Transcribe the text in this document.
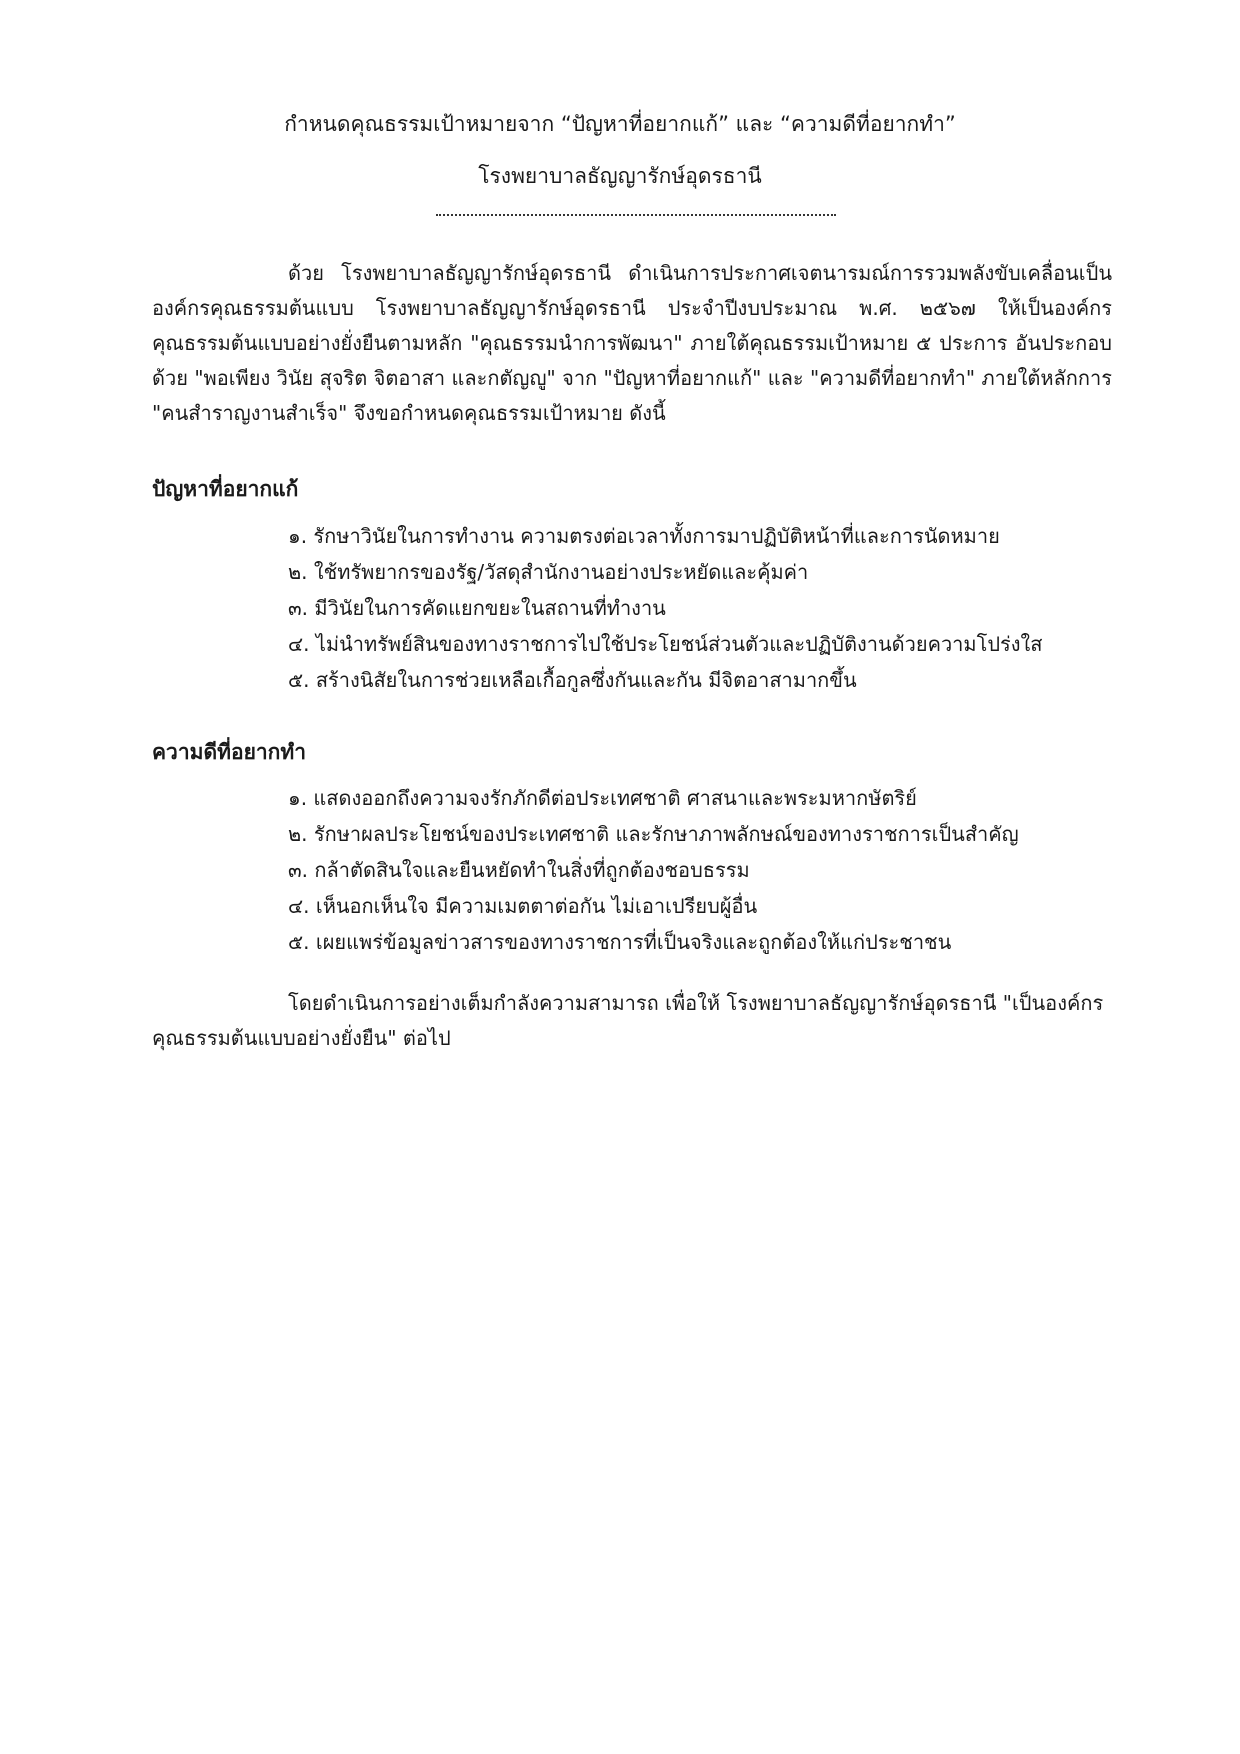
กำหนดคุณธรรมเป้าหมายจาก “ปัญหาที่อยากแก้” และ “ความดีที่อยากทำ”
โรงพยาบาลธัญญารักษ์อุดรธานี

ด้วย โรงพยาบาลธัญญารักษ์อุดรธานี ดำเนินการประกาศเจตนารมณ์การรวมพลังขับเคลื่อนเป็นองค์กรคุณธรรมต้นแบบ โรงพยาบาลธัญญารักษ์อุดรธานี ประจำปีงบประมาณ พ.ศ. ๒๕๖๗ ให้เป็นองค์กรคุณธรรมต้นแบบอย่างยั่งยืนตามหลัก "คุณธรรมนำการพัฒนา" ภายใต้คุณธรรมเป้าหมาย ๕ ประการ อันประกอบด้วย "พอเพียง วินัย สุจริต จิตอาสา และกตัญญู" จาก "ปัญหาที่อยากแก้" และ "ความดีที่อยากทำ" ภายใต้หลักการ "คนสำราญงานสำเร็จ" จึงขอกำหนดคุณธรรมเป้าหมาย ดังนี้

ปัญหาที่อยากแก้
๑. รักษาวินัยในการทำงาน ความตรงต่อเวลาทั้งการมาปฏิบัติหน้าที่และการนัดหมาย
๒. ใช้ทรัพยากรของรัฐ/วัสดุสำนักงานอย่างประหยัดและคุ้มค่า
๓. มีวินัยในการคัดแยกขยะในสถานที่ทำงาน
๔. ไม่นำทรัพย์สินของทางราชการไปใช้ประโยชน์ส่วนตัวและปฏิบัติงานด้วยความโปร่งใส
๕. สร้างนิสัยในการช่วยเหลือเกื้อกูลซึ่งกันและกัน มีจิตอาสามากขึ้น
ความดีที่อยากทำ
๑. แสดงออกถึงความจงรักภักดีต่อประเทศชาติ ศาสนาและพระมหากษัตริย์
๒. รักษาผลประโยชน์ของประเทศชาติ และรักษาภาพลักษณ์ของทางราชการเป็นสำคัญ
๓. กล้าตัดสินใจและยืนหยัดทำในสิ่งที่ถูกต้องชอบธรรม
๔. เห็นอกเห็นใจ มีความเมตตาต่อกัน ไม่เอาเปรียบผู้อื่น
๕. เผยแพร่ข้อมูลข่าวสารของทางราชการที่เป็นจริงและถูกต้องให้แก่ประชาชน

โดยดำเนินการอย่างเต็มกำลังความสามารถ เพื่อให้ โรงพยาบาลธัญญารักษ์อุดรธานี "เป็นองค์กรคุณธรรมต้นแบบอย่างยั่งยืน" ต่อไป
